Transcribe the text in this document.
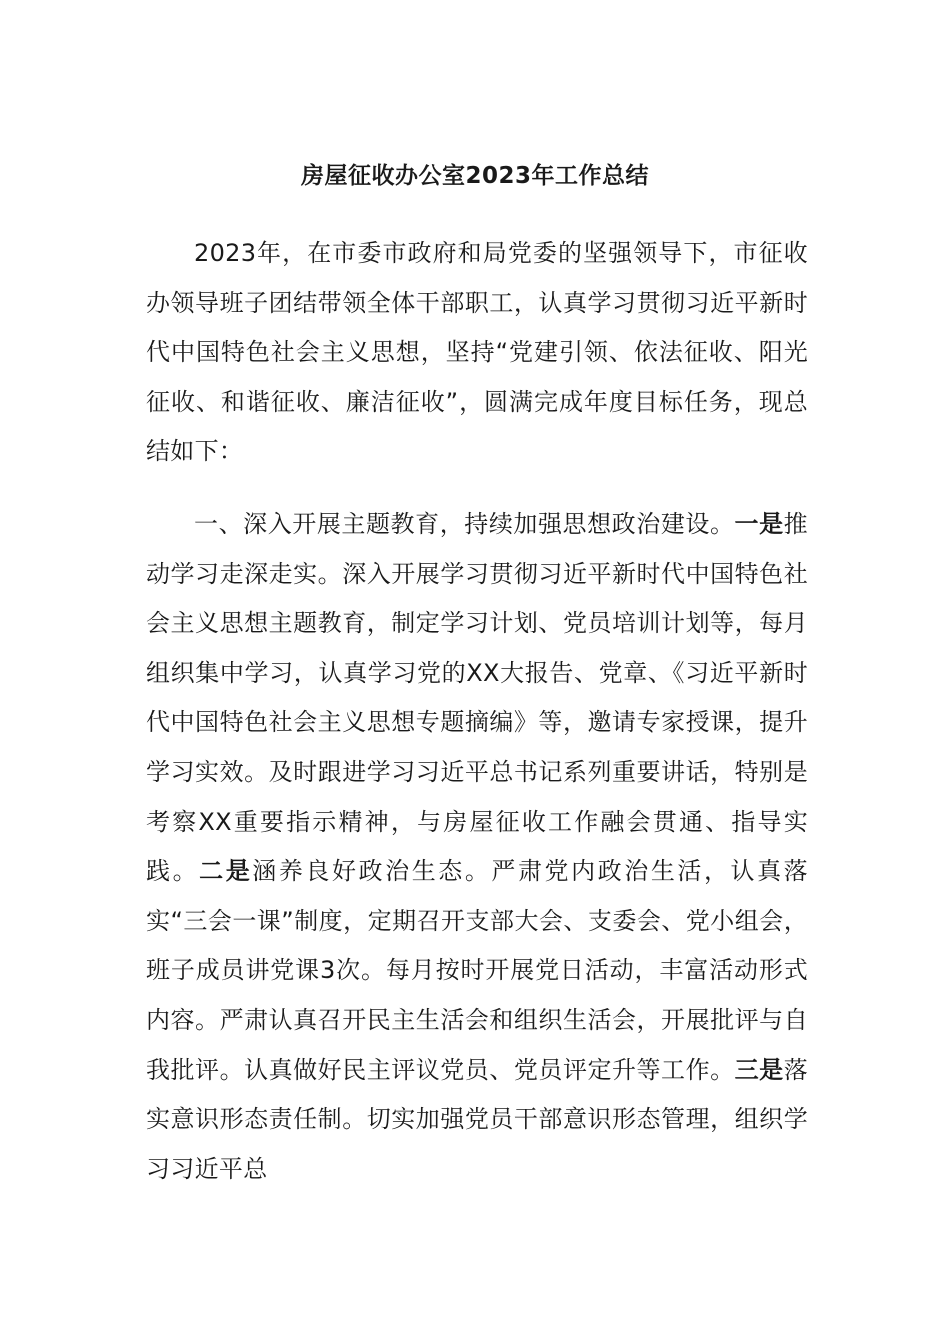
房屋征收办公室2023年工作总结

2023年，在市委市政府和局党委的坚强领导下，市征收办领导班子团结带领全体干部职工，认真学习贯彻习近平新时代中国特色社会主义思想，坚持“党建引领、依法征收、阳光征收、和谐征收、廉洁征收”，圆满完成年度目标任务，现总结如下：

一、深入开展主题教育，持续加强思想政治建设。一是推动学习走深走实。深入开展学习贯彻习近平新时代中国特色社会主义思想主题教育，制定学习计划、党员培训计划等，每月组织集中学习，认真学习党的XX大报告、党章、《习近平新时代中国特色社会主义思想专题摘编》等，邀请专家授课，提升学习实效。及时跟进学习习近平总书记系列重要讲话，特别是考察XX重要指示精神，与房屋征收工作融会贯通、指导实践。二是涵养良好政治生态。严肃党内政治生活，认真落实“三会一课”制度，定期召开支部大会、支委会、党小组会，班子成员讲党课3次。每月按时开展党日活动，丰富活动形式内容。严肃认真召开民主生活会和组织生活会，开展批评与自我批评。认真做好民主评议党员、党员评定升等工作。三是落实意识形态责任制。切实加强党员干部意识形态管理，组织学习习近平总
